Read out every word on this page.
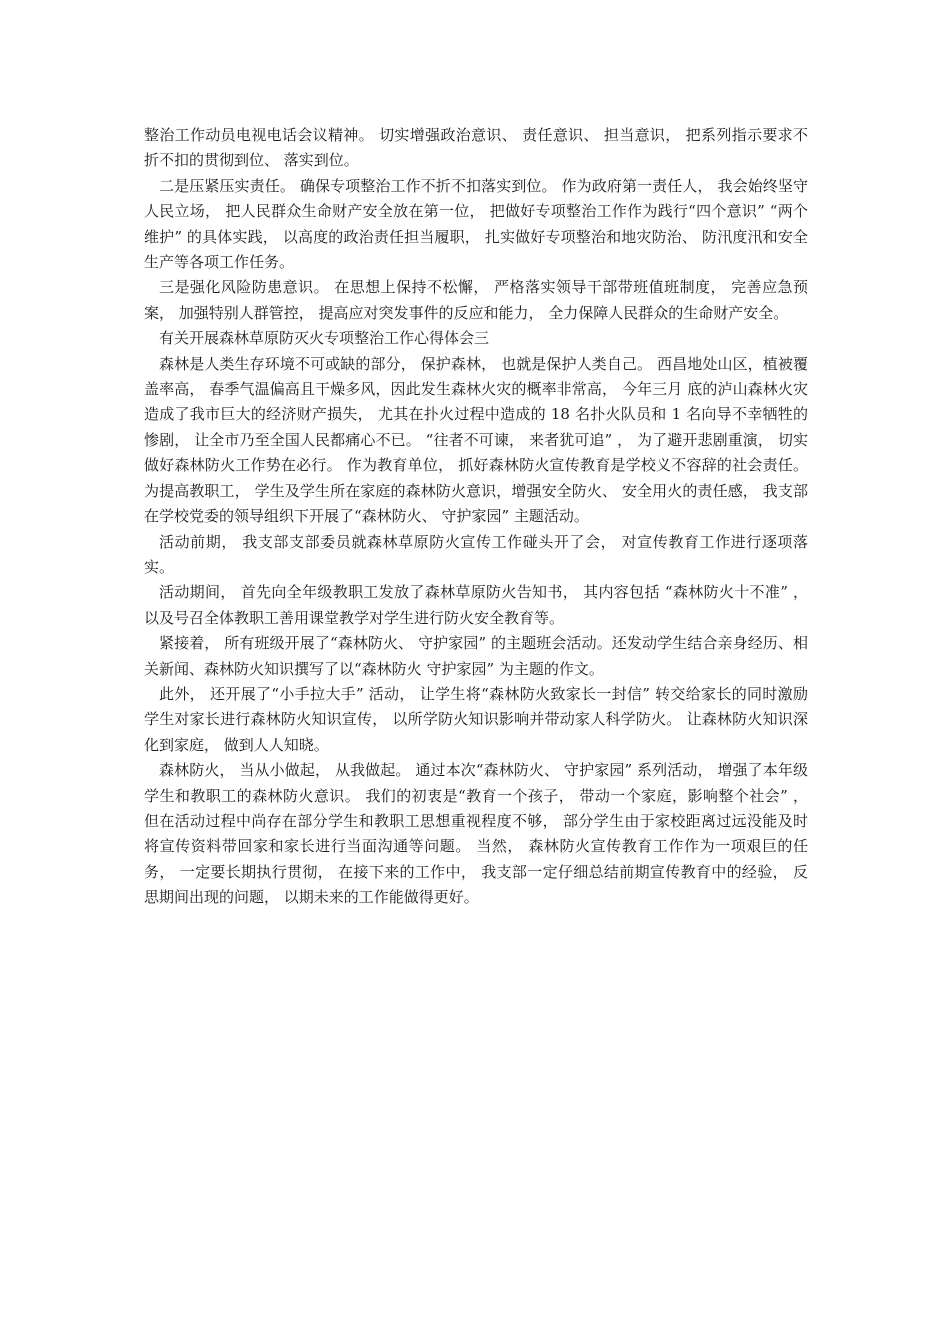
整治工作动员电视电话会议精神。 切实增强政治意识、 责任意识、 担当意识， 把系列指示要求不折不扣的贯彻到位、 落实到位。

二是压紧压实责任。 确保专项整治工作不折不扣落实到位。 作为政府第一责任人， 我会始终坚守人民立场， 把人民群众生命财产安全放在第一位， 把做好专项整治工作作为践行“四个意识” “两个维护” 的具体实践， 以高度的政治责任担当履职， 扎实做好专项整治和地灾防治、 防汛度汛和安全生产等各项工作任务。

三是强化风险防患意识。 在思想上保持不松懈， 严格落实领导干部带班值班制度， 完善应急预案， 加强特别人群管控， 提高应对突发事件的反应和能力， 全力保障人民群众的生命财产安全。

有关开展森林草原防灭火专项整治工作心得体会三

森林是人类生存环境不可或缺的部分， 保护森林， 也就是保护人类自己。 西昌地处山区，植被覆盖率高， 春季气温偏高且干燥多风，因此发生森林火灾的概率非常高， 今年三月 底的泸山森林火灾造成了我市巨大的经济财产损失， 尤其在扑火过程中造成的 18 名扑火队员和 1 名向导不幸牺牲的惨剧， 让全市乃至全国人民都痛心不已。 “往者不可谏， 来者犹可追” ， 为了避开悲剧重演， 切实做好森林防火工作势在必行。 作为教育单位， 抓好森林防火宣传教育是学校义不容辞的社会责任。 为提高教职工， 学生及学生所在家庭的森林防火意识，增强安全防火、 安全用火的责任感， 我支部在学校党委的领导组织下开展了“森林防火、 守护家园” 主题活动。

活动前期， 我支部支部委员就森林草原防火宣传工作碰头开了会， 对宣传教育工作进行逐项落实。

活动期间， 首先向全年级教职工发放了森林草原防火告知书， 其内容包括 “森林防火十不准” ， 以及号召全体教职工善用课堂教学对学生进行防火安全教育等。

紧接着， 所有班级开展了“森林防火、 守护家园” 的主题班会活动。还发动学生结合亲身经历、相关新闻、森林防火知识撰写了以“森林防火 守护家园” 为主题的作文。

此外， 还开展了“小手拉大手” 活动， 让学生将“森林防火致家长一封信” 转交给家长的同时激励学生对家长进行森林防火知识宣传， 以所学防火知识影响并带动家人科学防火。 让森林防火知识深化到家庭， 做到人人知晓。

森林防火， 当从小做起， 从我做起。 通过本次“森林防火、 守护家园” 系列活动， 增强了本年级学生和教职工的森林防火意识。 我们的初衷是“教育一个孩子， 带动一个家庭，影响整个社会” ， 但在活动过程中尚存在部分学生和教职工思想重视程度不够， 部分学生由于家校距离过远没能及时将宣传资料带回家和家长进行当面沟通等问题。 当然， 森林防火宣传教育工作作为一项艰巨的任务， 一定要长期执行贯彻， 在接下来的工作中， 我支部一定仔细总结前期宣传教育中的经验， 反思期间出现的问题， 以期未来的工作能做得更好。
